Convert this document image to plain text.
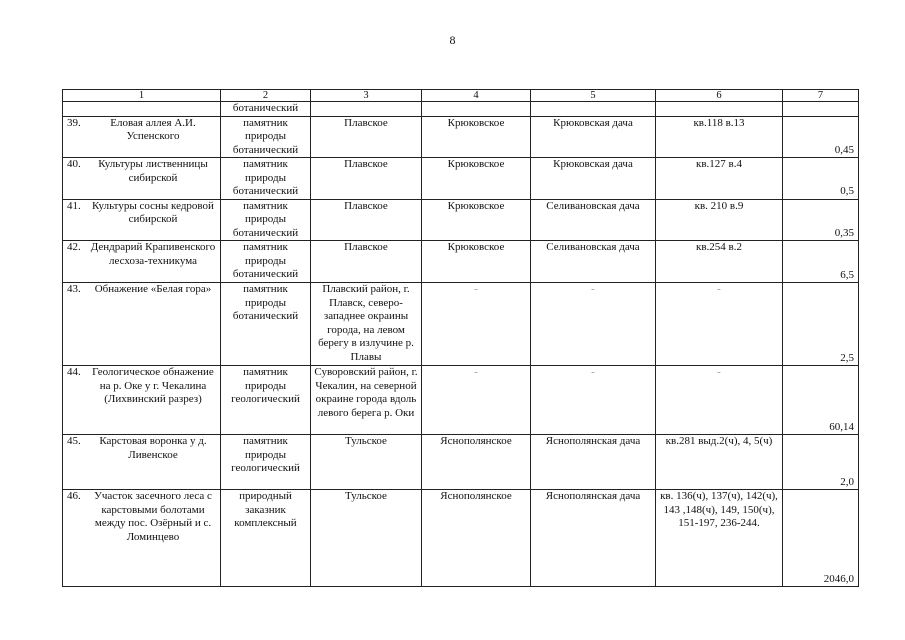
8
1	2	3	4	5	6	7
	ботанический					

39. Еловая аллея А.И. Успенского	памятник природы ботанический	Плавское	Крюковское	Крюковская дача	кв.118 в.13	0,45

40. Культуры лиственницы сибирской	памятник природы ботанический	Плавское	Крюковское	Крюковская дача	кв.127 в.4	0,5

41. Культуры сосны кедровой сибирской	памятник природы ботанический	Плавское	Крюковское	Селивановская дача	кв. 210 в.9	0,35

42. Дендрарий Крапивенского лесхоза-техникума	памятник природы ботанический	Плавское	Крюковское	Селивановская дача	кв.254 в.2	6,5

43. Обнажение «Белая гора»	памятник природы ботанический	Плавский район, г. Плавск, северо-западнее окраины города, на левом берегу в излучине р. Плавы	-	-	-	2,5

44. Геологическое обнажение на р. Оке у г. Чекалина (Лихвинский разрез)	памятник природы геологический	Суворовский район, г. Чекалин, на северной окраине города вдоль левого берега р. Оки	-	-	-	60,14

45. Карстовая воронка у д. Ливенское	памятник природы геологический	Тульское	Яснополянское	Яснополянская дача	кв.281 выд.2(ч), 4, 5(ч)	2,0

46. Участок засечного леса с карстовыми болотами между пос. Озёрный и с. Ломинцево	природный заказник комплексный	Тульское	Яснополянское	Яснополянская дача	кв. 136(ч), 137(ч), 142(ч), 143 ,148(ч), 149, 150(ч), 151-197, 236-244.	2046,0
